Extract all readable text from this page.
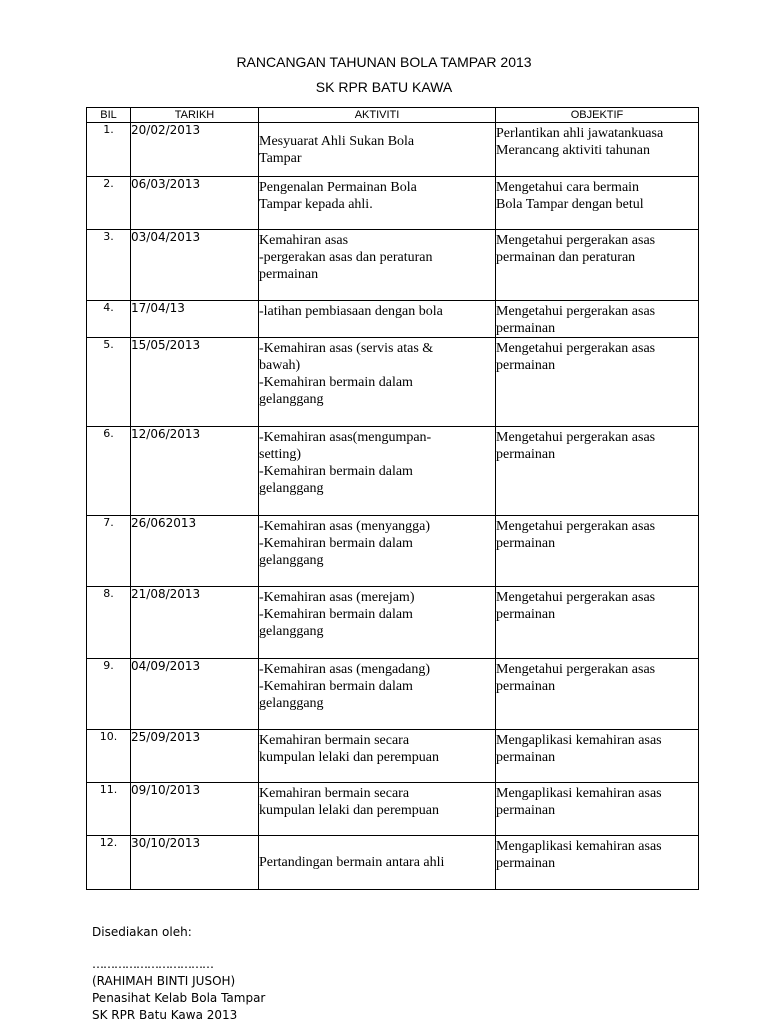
RANCANGAN TAHUNAN BOLA TAMPAR 2013
SK RPR BATU KAWA
BIL	TARIKH	AKTIVITI	OBJEKTIF
1.	20/02/2013	Mesyuarat Ahli Sukan Bola
Tampar	Perlantikan ahli jawatankuasa
Merancang aktiviti tahunan

2.	06/03/2013	Pengenalan Permainan Bola
Tampar kepada ahli.	Mengetahui cara bermain
Bola Tampar dengan betul

3.	03/04/2013	Kemahiran asas
-pergerakan asas dan peraturan
permainan	Mengetahui pergerakan asas
permainan dan peraturan

4.	17/04/13	-latihan pembiasaan dengan bola	Mengetahui pergerakan asas
permainan

5.	15/05/2013	-Kemahiran asas (servis atas &
bawah)
-Kemahiran bermain dalam
gelanggang	Mengetahui pergerakan asas
permainan

6.	12/06/2013	-Kemahiran asas(mengumpan-
setting)
-Kemahiran bermain dalam
gelanggang	Mengetahui pergerakan asas
permainan

7.	26/062013	-Kemahiran asas (menyangga)
-Kemahiran bermain dalam
gelanggang	Mengetahui pergerakan asas
permainan

8.	21/08/2013	-Kemahiran asas (merejam)
-Kemahiran bermain dalam
gelanggang	Mengetahui pergerakan asas
permainan

9.	04/09/2013	-Kemahiran asas (mengadang)
-Kemahiran bermain dalam
gelanggang	Mengetahui pergerakan asas
permainan

10.	25/09/2013	Kemahiran bermain secara
kumpulan lelaki dan perempuan	Mengaplikasi kemahiran asas
permainan

11.	09/10/2013	Kemahiran bermain secara
kumpulan lelaki dan perempuan	Mengaplikasi kemahiran asas
permainan

12.	30/10/2013	Pertandingan bermain antara ahli	Mengaplikasi kemahiran asas
permainan
Disediakan oleh:
……………………………
(RAHIMAH BINTI JUSOH)
Penasihat Kelab Bola Tampar
SK RPR Batu Kawa 2013
